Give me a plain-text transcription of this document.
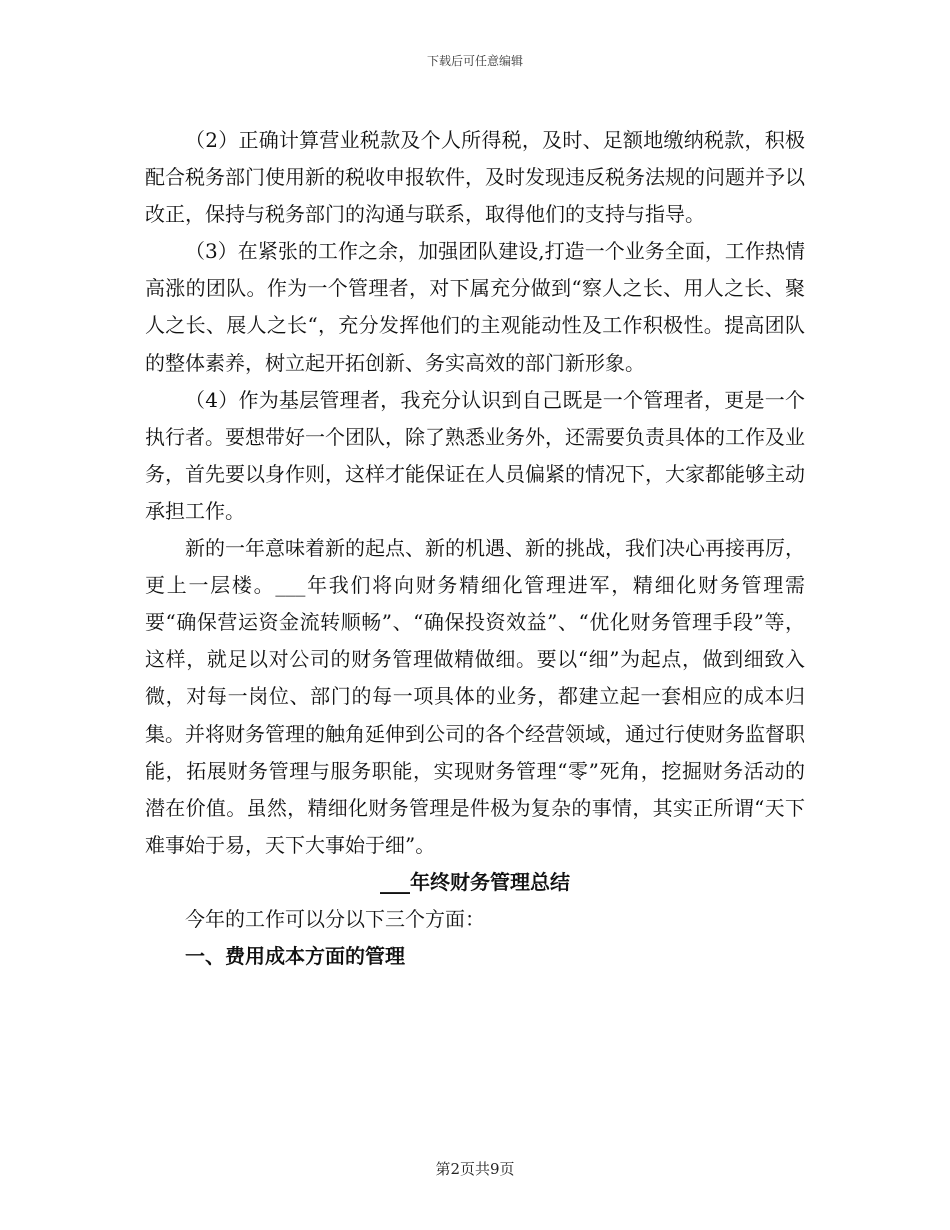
下载后可任意编辑

（2）正确计算营业税款及个人所得税，及时、足额地缴纳税款，积极配合税务部门使用新的税收申报软件，及时发现违反税务法规的问题并予以改正，保持与税务部门的沟通与联系，取得他们的支持与指导。

（3）在紧张的工作之余，加强团队建设,打造一个业务全面，工作热情高涨的团队。作为一个管理者，对下属充分做到“察人之长、用人之长、聚人之长、展人之长“，充分发挥他们的主观能动性及工作积极性。提高团队的整体素养，树立起开拓创新、务实高效的部门新形象。

（4）作为基层管理者，我充分认识到自己既是一个管理者，更是一个执行者。要想带好一个团队，除了熟悉业务外，还需要负责具体的工作及业务，首先要以身作则，这样才能保证在人员偏紧的情况下，大家都能够主动承担工作。

新的一年意味着新的起点、新的机遇、新的挑战，我们决心再接再厉，更上一层楼。___年我们将向财务精细化管理进军，精细化财务管理需要“确保营运资金流转顺畅”、“确保投资效益”、“优化财务管理手段”等，这样，就足以对公司的财务管理做精做细。要以“细”为起点，做到细致入微，对每一岗位、部门的每一项具体的业务，都建立起一套相应的成本归集。并将财务管理的触角延伸到公司的各个经营领域，通过行使财务监督职能，拓展财务管理与服务职能，实现财务管理“零”死角，挖掘财务活动的潜在价值。虽然，精细化财务管理是件极为复杂的事情，其实正所谓“天下难事始于易，天下大事始于细”。

___年终财务管理总结

今年的工作可以分以下三个方面：

一、费用成本方面的管理

第2页共9页
